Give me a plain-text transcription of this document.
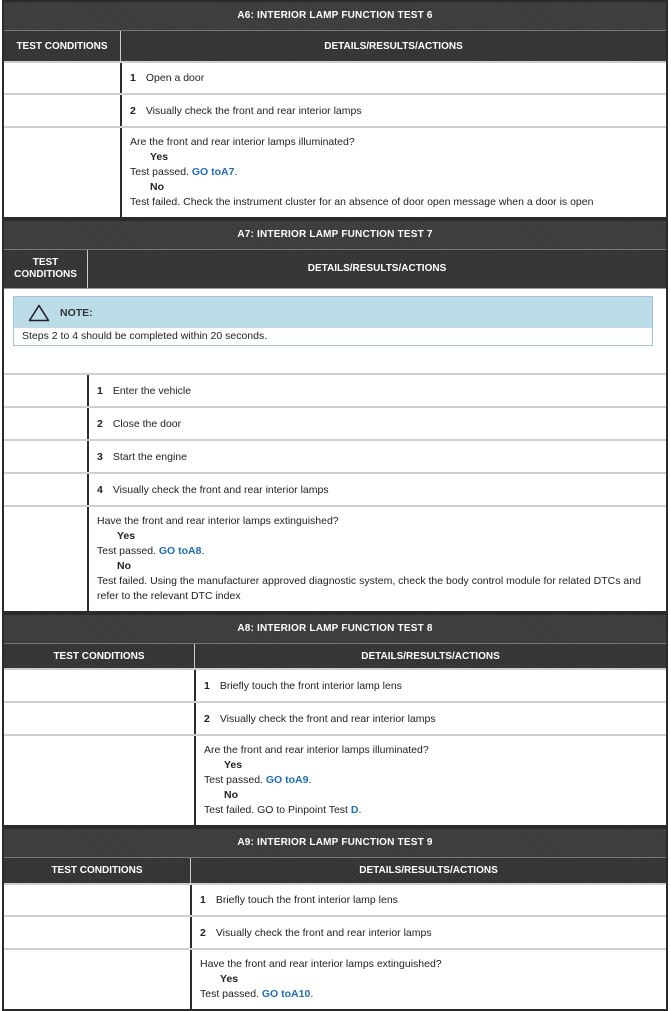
A6: INTERIOR LAMP FUNCTION TEST 6
TEST CONDITIONS	DETAILS/RESULTS/ACTIONS
1 Open a door
2 Visually check the front and rear interior lamps
Are the front and rear interior lamps illuminated?
Yes
Test passed. GO toA7.
No
Test failed. Check the instrument cluster for an absence of door open message when a door is open
A7: INTERIOR LAMP FUNCTION TEST 7
TEST CONDITIONS
DETAILS/RESULTS/ACTIONS
NOTE:
Steps 2 to 4 should be completed within 20 seconds.
1 Enter the vehicle
2 Close the door
3 Start the engine
4 Visually check the front and rear interior lamps
Have the front and rear interior lamps extinguished?
Yes
Test passed. GO toA8.
No
Test failed. Using the manufacturer approved diagnostic system, check the body control module for related DTCs and refer to the relevant DTC index
A8: INTERIOR LAMP FUNCTION TEST 8
TEST CONDITIONS	DETAILS/RESULTS/ACTIONS
1 Briefly touch the front interior lamp lens
2 Visually check the front and rear interior lamps
Are the front and rear interior lamps illuminated?
Yes
Test passed. GO toA9.
No
Test failed. GO to Pinpoint Test D.
A9: INTERIOR LAMP FUNCTION TEST 9
TEST CONDITIONS	DETAILS/RESULTS/ACTIONS
1 Briefly touch the front interior lamp lens
2 Visually check the front and rear interior lamps
Have the front and rear interior lamps extinguished?
Yes
Test passed. GO toA10.
